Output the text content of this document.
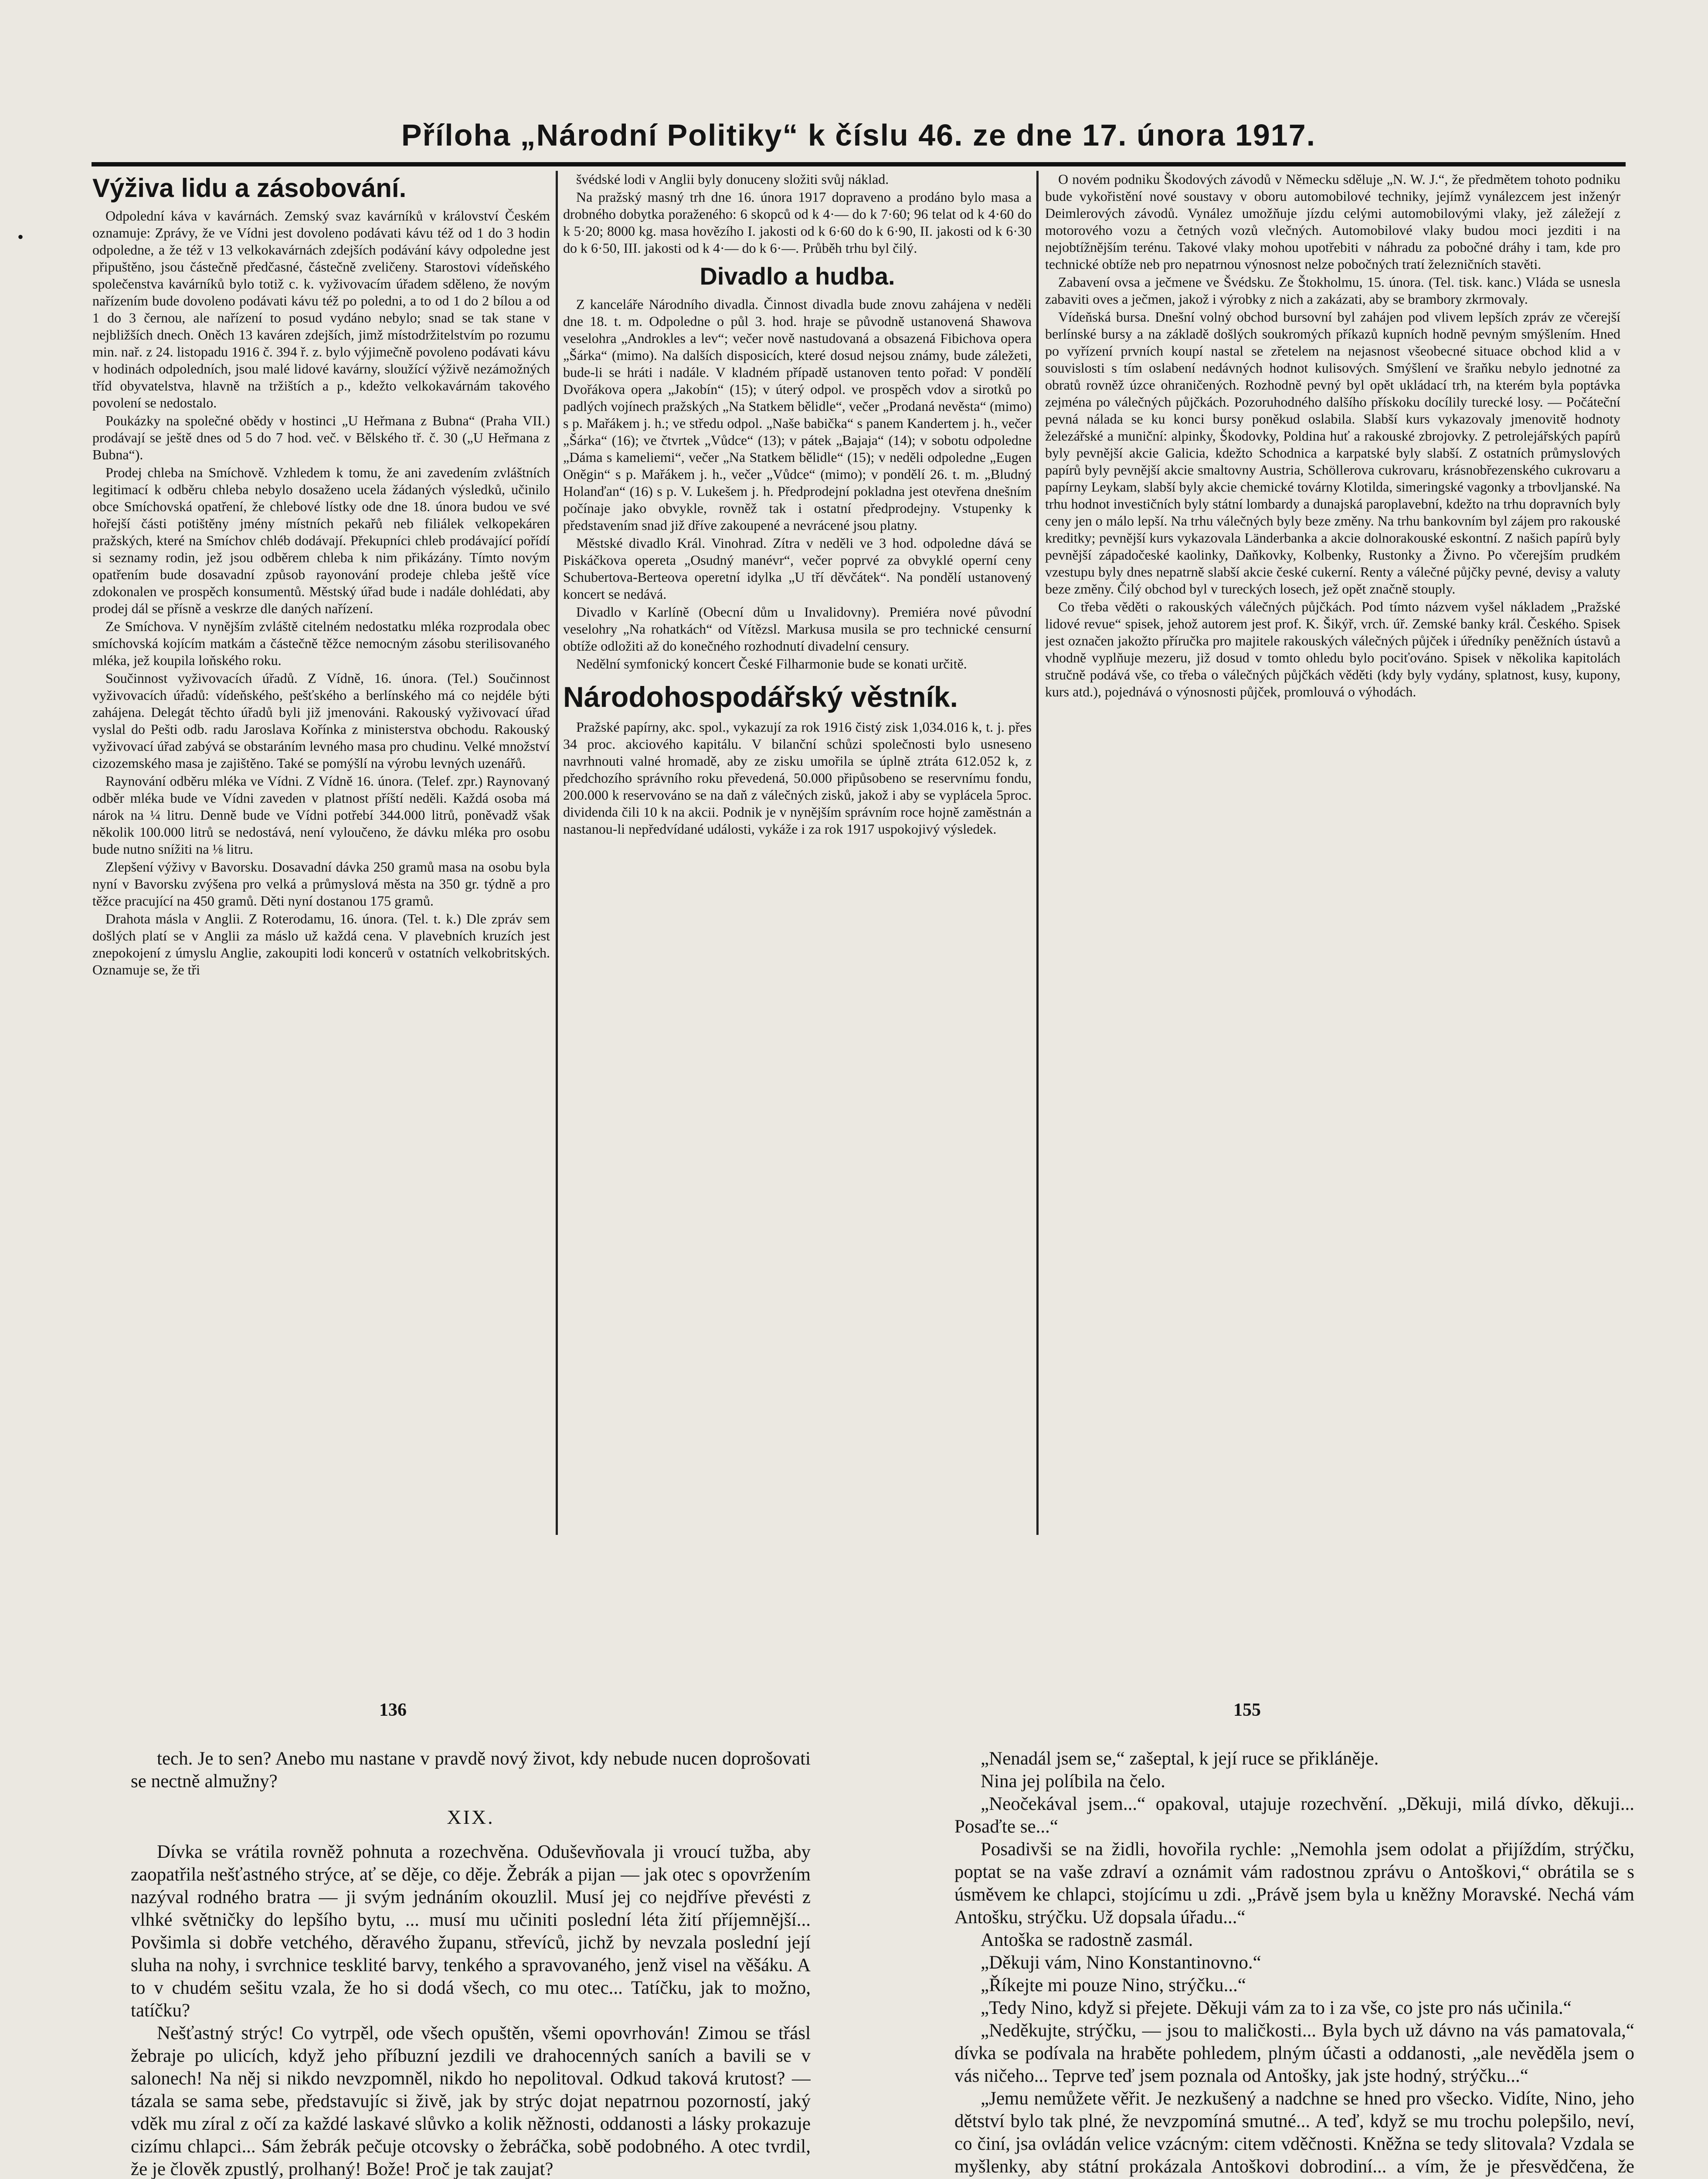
Příloha „Národní Politiky“ k číslu 46. ze dne 17. února 1917.
•
Výživa lidu a zásobování.

Odpolední káva v kavárnách. Zemský svaz kavárníků v království Českém oznamuje: Zprávy, že ve Vídni jest dovoleno podávati kávu též od 1 do 3 hodin odpoledne, a že též v 13 velkokavárnách zdejších podávání kávy odpoledne jest připuštěno, jsou částečně předčasné, částečně zveličeny. Starostovi vídeňského společenstva kavárníků bylo totiž c. k. vyživovacím úřadem sděleno, že novým nařízením bude dovoleno podávati kávu též po poledni, a to od 1 do 2 bílou a od 1 do 3 černou, ale nařízení to posud vydáno nebylo; snad se tak stane v nejbližších dnech. Oněch 13 kaváren zdejších, jimž místodržitelstvím po rozumu min. nař. z 24. listopadu 1916 č. 394 ř. z. bylo výjimečně povoleno podávati kávu v hodinách odpoledních, jsou malé lidové kavárny, sloužící výživě nezámožných tříd obyvatelstva, hlavně na tržištích a p., kdežto velkokavárnám takového povolení se nedostalo.

Poukázky na společné obědy v hostinci „U Heřmana z Bubna“ (Praha VII.) prodávají se ještě dnes od 5 do 7 hod. več. v Bělského tř. č. 30 („U Heřmana z Bubna“).

Prodej chleba na Smíchově. Vzhledem k tomu, že ani zavedením zvláštních legitimací k odběru chleba nebylo dosaženo ucela žádaných výsledků, učinilo obce Smíchovská opatření, že chlebové lístky ode dne 18. února budou ve své hořejší části potištěny jmény místních pekařů neb filiálek velkopekáren pražských, které na Smíchov chléb dodávají. Překupníci chleb prodávající pořídí si seznamy rodin, jež jsou odběrem chleba k nim přikázány. Tímto novým opatřením bude dosavadní způsob rayonování prodeje chleba ještě více zdokonalen ve prospěch konsumentů. Městský úřad bude i nadále dohlédati, aby prodej dál se přísně a veskrze dle daných nařízení.

Ze Smíchova. V nynějším zvláště citelném nedostatku mléka rozprodala obec smíchovská kojícím matkám a částečně těžce nemocným zásobu sterilisovaného mléka, jež koupila loňského roku.

Součinnost vyživovacích úřadů. Z Vídně, 16. února. (Tel.) Součinnost vyživovacích úřadů: vídeňského, pešťského a berlínského má co nejdéle býti zahájena. Delegát těchto úřadů byli již jmenováni. Rakouský vyživovací úřad vyslal do Pešti odb. radu Jaroslava Kořínka z ministerstva obchodu. Rakouský vyživovací úřad zabývá se obstaráním levného masa pro chudinu. Velké množství cizozemského masa je zajištěno. Také se pomýšlí na výrobu levných uzenářů.

Raynování odběru mléka ve Vídni. Z Vídně 16. února. (Telef. zpr.) Raynovaný odběr mléka bude ve Vídni zaveden v platnost příští neděli. Každá osoba má nárok na ¼ litru. Denně bude ve Vídni potřebí 344.000 litrů, poněvadž však několik 100.000 litrů se nedostává, není vyloučeno, že dávku mléka pro osobu bude nutno snížiti na ⅛ litru.

Zlepšení výživy v Bavorsku. Dosavadní dávka 250 gramů masa na osobu byla nyní v Bavorsku zvýšena pro velká a průmyslová města na 350 gr. týdně a pro těžce pracující na 450 gramů. Děti nyní dostanou 175 gramů.

Drahota másla v Anglii. Z Roterodamu, 16. února. (Tel. t. k.) Dle zpráv sem došlých platí se v Anglii za máslo už každá cena. V plavebních kruzích jest znepokojení z úmyslu Anglie, zakoupiti lodi koncerů v ostatních velkobritských. Oznamuje se, že tři

švédské lodi v Anglii byly donuceny složiti svůj náklad.

Na pražský masný trh dne 16. února 1917 dopraveno a prodáno bylo masa a drobného dobytka poraženého: 6 skopců od k 4·— do k 7·60; 96 telat od k 4·60 do k 5·20; 8000 kg. masa hovězího I. jakosti od k 6·60 do k 6·90, II. jakosti od k 6·30 do k 6·50, III. jakosti od k 4·— do k 6·—. Průběh trhu byl čilý.

Divadlo a hudba.

Z kanceláře Národního divadla. Činnost divadla bude znovu zahájena v neděli dne 18. t. m. Odpoledne o půl 3. hod. hraje se původně ustanovená Shawova veselohra „Androkles a lev“; večer nově nastudovaná a obsazená Fibichova opera „Šárka“ (mimo). Na dalších disposicích, které dosud nejsou známy, bude záležeti, bude-li se hráti i nadále. V kladném případě ustanoven tento pořad: V pondělí Dvořákova opera „Jakobín“ (15); v úterý odpol. ve prospěch vdov a sirotků po padlých vojínech pražských „Na Statkem bělidle“, večer „Prodaná nevěsta“ (mimo) s p. Mařákem j. h.; ve středu odpol. „Naše babička“ s panem Kandertem j. h., večer „Šárka“ (16); ve čtvrtek „Vůdce“ (13); v pátek „Bajaja“ (14); v sobotu odpoledne „Dáma s kameliemi“, večer „Na Statkem bělidle“ (15); v neděli odpoledne „Eugen Oněgin“ s p. Mařákem j. h., večer „Vůdce“ (mimo); v pondělí 26. t. m. „Bludný Holanďan“ (16) s p. V. Lukešem j. h. Předprodejní pokladna jest otevřena dnešním počínaje jako obvykle, rovněž tak i ostatní předprodejny. Vstupenky k představením snad již dříve zakoupené a nevrácené jsou platny.

Městské divadlo Král. Vinohrad. Zítra v neděli ve 3 hod. odpoledne dává se Piskáčkova opereta „Osudný manévr“, večer poprvé za obvyklé operní ceny Schubertova-Berteova operetní idylka „U tří děvčátek“. Na pondělí ustanovený koncert se nedává.

Divadlo v Karlíně (Obecní dům u Invalidovny). Premiéra nové původní veselohry „Na rohatkách“ od Vítězsl. Markusa musila se pro technické censurní obtíže odložiti až do konečného rozhodnutí divadelní censury.

Nedělní symfonický koncert České Filharmonie bude se konati určitě.

Národohospodářský věstník.

Pražské papírny, akc. spol., vykazují za rok 1916 čistý zisk 1,034.016 k, t. j. přes 34 proc. akciového kapitálu. V bilanční schůzi společnosti bylo usneseno navrhnouti valné hromadě, aby ze zisku umořila se úplně ztráta 612.052 k, z předchozího správního roku převedená, 50.000 připůsobeno se reservnímu fondu, 200.000 k reservováno se na daň z válečných zisků, jakož i aby se vyplácela 5proc. dividenda čili 10 k na akcii. Podnik je v nynějším správním roce hojně zaměstnán a nastanou-li nepředvídané události, vykáže i za rok 1917 uspokojivý výsledek.

O novém podniku Škodových závodů v Německu sděluje „N. W. J.“, že předmětem tohoto podniku bude vykořistění nové soustavy v oboru automobilové techniky, jejímž vynálezcem jest inženýr Deimlerových závodů. Vynález umožňuje jízdu celými automobilovými vlaky, jež záležejí z motorového vozu a četných vozů vlečných. Automobilové vlaky budou moci jezditi i na nejobtížnějším terénu. Takové vlaky mohou upotřebiti v náhradu za pobočné dráhy i tam, kde pro technické obtíže neb pro nepatrnou výnosnost nelze pobočných tratí železničních stavěti.

Zabavení ovsa a ječmene ve Švédsku. Ze Štokholmu, 15. února. (Tel. tisk. kanc.) Vláda se usnesla zabaviti oves a ječmen, jakož i výrobky z nich a zakázati, aby se brambory zkrmovaly.

Vídeňská bursa. Dnešní volný obchod bursovní byl zahájen pod vlivem lepších zpráv ze včerejší berlínské bursy a na základě došlých soukromých příkazů kupních hodně pevným smýšlením. Hned po vyřízení prvních koupí nastal se zřetelem na nejasnost všeobecné situace obchod klid a v souvislosti s tím oslabení nedávných hodnot kulisových. Smýšlení ve šraňku nebylo jednotné za obratů rovněž úzce ohraničených. Rozhodně pevný byl opět ukládací trh, na kterém byla poptávka zejména po válečných půjčkách. Pozoruhodného dalšího přískoku docílily turecké losy. — Počáteční pevná nálada se ku konci bursy poněkud oslabila. Slabší kurs vykazovaly jmenovitě hodnoty železářské a muniční: alpinky, Škodovky, Poldina huť a rakouské zbrojovky. Z petrolejářských papírů byly pevnější akcie Galicia, kdežto Schodnica a karpatské byly slabší. Z ostatních průmyslových papírů byly pevnější akcie smaltovny Austria, Schöllerova cukrovaru, krásnobřezenského cukrovaru a papírny Leykam, slabší byly akcie chemické továrny Klotilda, simeringské vagonky a trbovljanské. Na trhu hodnot investičních byly státní lombardy a dunajská paroplavební, kdežto na trhu dopravních byly ceny jen o málo lepší. Na trhu válečných byly beze změny. Na trhu bankovním byl zájem pro rakouské kreditky; pevnější kurs vykazovala Länderbanka a akcie dolnorakouské eskontní. Z našich papírů byly pevnější západočeské kaolinky, Daňkovky, Kolbenky, Rustonky a Živno. Po včerejším prudkém vzestupu byly dnes nepatrně slabší akcie české cukerní. Renty a válečné půjčky pevné, devisy a valuty beze změny. Čilý obchod byl v tureckých losech, jež opět značně stouply.

Co třeba věděti o rakouských válečných půjčkách. Pod tímto názvem vyšel nákladem „Pražské lidové revue“ spisek, jehož autorem jest prof. K. Šikýř, vrch. úř. Zemské banky král. Českého. Spisek jest označen jakožto příručka pro majitele rakouských válečných půjček i úředníky peněžních ústavů a vhodně vyplňuje mezeru, již dosud v tomto ohledu bylo pociťováno. Spisek v několika kapitolách stručně podává vše, co třeba o válečných půjčkách věděti (kdy byly vydány, splatnost, kusy, kupony, kurs atd.), pojednává o výnosnosti půjček, promlouvá o výhodách.

136	155

tech. Je to sen? Anebo mu nastane v pravdě nový život, kdy nebude nucen doprošovati se nectně almužny?

XIX.

Dívka se vrátila rovněž pohnuta a rozechvěna. Oduševňovala ji vroucí tužba, aby zaopatřila nešťastného strýce, ať se děje, co děje. Žebrák a pijan — jak otec s opovržením nazýval rodného bratra — ji svým jednáním okouzlil. Musí jej co nejdříve převésti z vlhké světničky do lepšího bytu, ... musí mu učiniti poslední léta žití příjemnější... Povšimla si dobře vetchého, děravého županu, střevíců, jichž by nevzala poslední její sluha na nohy, i svrchnice tesklité barvy, tenkého a spravovaného, jenž visel na věšáku. A to v chudém sešitu vzala, že ho si dodá všech, co mu otec... Tatíčku, jak to možno, tatíčku?

Nešťastný strýc! Co vytrpěl, ode všech opuštěn, všemi opovrhován! Zimou se třásl žebraje po ulicích, když jeho příbuzní jezdili ve drahocenných saních a bavili se v salonech! Na něj si nikdo nevzpomněl, nikdo ho nepolitoval. Odkud taková krutost? — tázala se sama sebe, představujíc si živě, jak by strýc dojat nepatrnou pozorností, jaký vděk mu zíral z očí za každé laskavé slůvko a kolik něžnosti, oddanosti a lásky prokazuje cizímu chlapci... Sám žebrák pečuje otcovsky o žebráčka, sobě podobného. A otec tvrdil, že je člověk zpustlý, prolhaný! Bože! Proč je tak zaujat?

„Nenadál jsem se,“ zašeptal, k její ruce se přikláněje.

Nina jej políbila na čelo.

„Neočekával jsem...“ opakoval, utajuje rozechvění. „Děkuji, milá dívko, děkuji... Posaďte se...“

Posadivši se na židli, hovořila rychle: „Nemohla jsem odolat a přijíždím, strýčku, poptat se na vaše zdraví a oznámit vám radostnou zprávu o Antoškovi,“ obrátila se s úsměvem ke chlapci, stojícímu u zdi. „Právě jsem byla u kněžny Moravské. Nechá vám Antošku, strýčku. Už dopsala úřadu...“

Antoška se radostně zasmál.

„Děkuji vám, Nino Konstantinovno.“

„Říkejte mi pouze Nino, strýčku...“

„Tedy Nino, když si přejete. Děkuji vám za to i za vše, co jste pro nás učinila.“

„Neděkujte, strýčku, — jsou to maličkosti... Byla bych už dávno na vás pamatovala,“ dívka se podívala na hraběte pohledem, plným účasti a oddanosti, „ale nevěděla jsem o vás ničeho... Teprve teď jsem poznala od Antošky, jak jste hodný, strýčku...“

„Jemu nemůžete věřit. Je nezkušený a nadchne se hned pro všecko. Vidíte, Nino, jeho dětství bylo tak plné, že nevzpomíná smutné... A teď, když se mu trochu polepšilo, neví, co činí, jsa ovládán velice vzácným: citem vděčnosti. Kněžna se tedy slitovala? Vzdala se myšlenky, aby státní prokázala Antoškovi dobrodiní... a vím, že je přesvědčena, že
